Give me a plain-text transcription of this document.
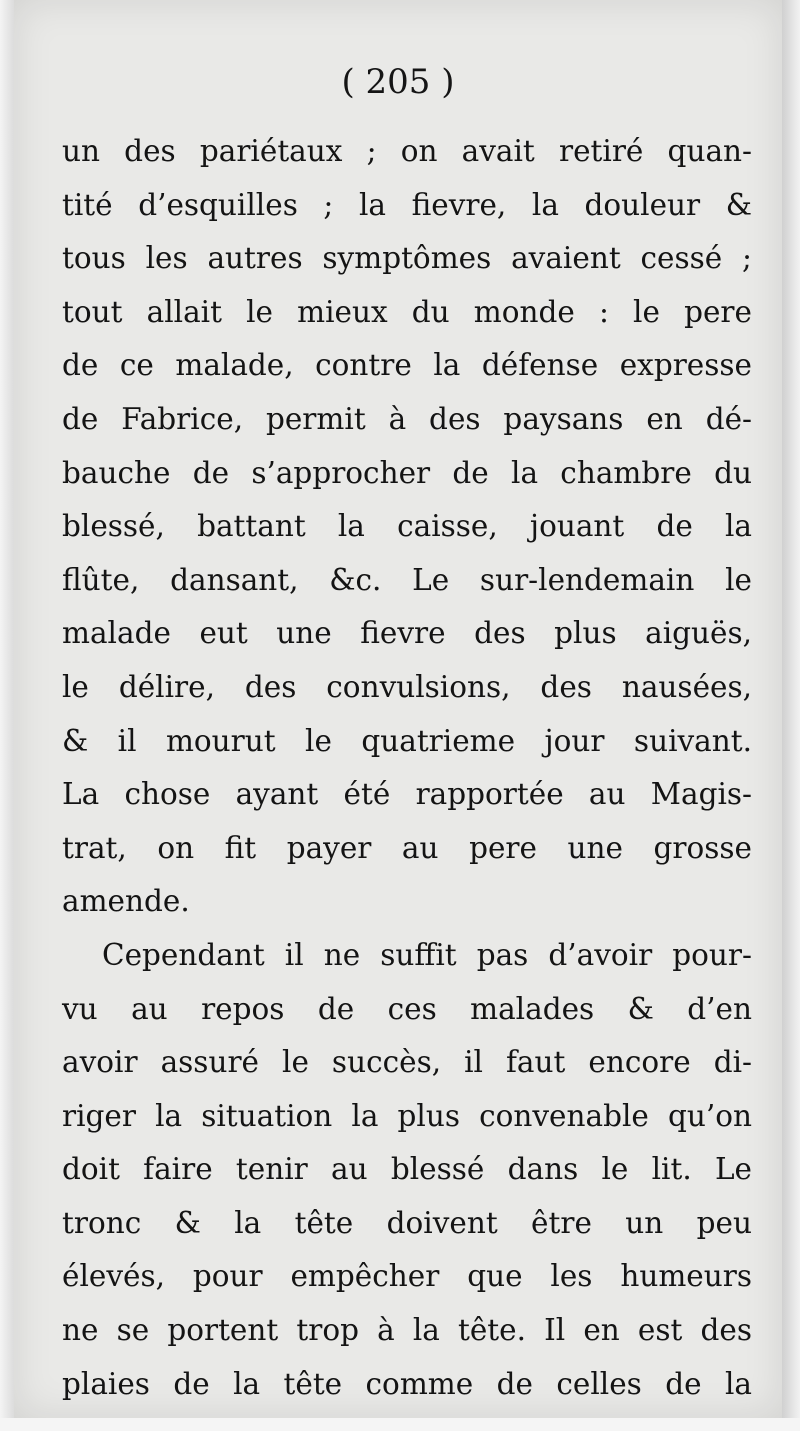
( 205 )
un des pariétaux ; on avait retiré quan-
tité d’esquilles ; la fievre, la douleur &
tous les autres symptômes avaient cessé ;
tout allait le mieux du monde : le pere
de ce malade, contre la défense expresse
de Fabrice, permit à des paysans en dé-
bauche de s’approcher de la chambre du
blessé, battant la caisse, jouant de la
flûte, dansant, &c. Le sur-lendemain le
malade eut une fievre des plus aiguës,
le délire, des convulsions, des nausées,
& il mourut le quatrieme jour suivant.
La chose ayant été rapportée au Magis-
trat, on fit payer au pere une grosse
amende.
Cependant il ne suffit pas d’avoir pour-
vu au repos de ces malades & d’en
avoir assuré le succès, il faut encore di-
riger la situation la plus convenable qu’on
doit faire tenir au blessé dans le lit. Le
tronc & la tête doivent être un peu
élevés, pour empêcher que les humeurs
ne se portent trop à la tête. Il en est des
plaies de la tête comme de celles de la
